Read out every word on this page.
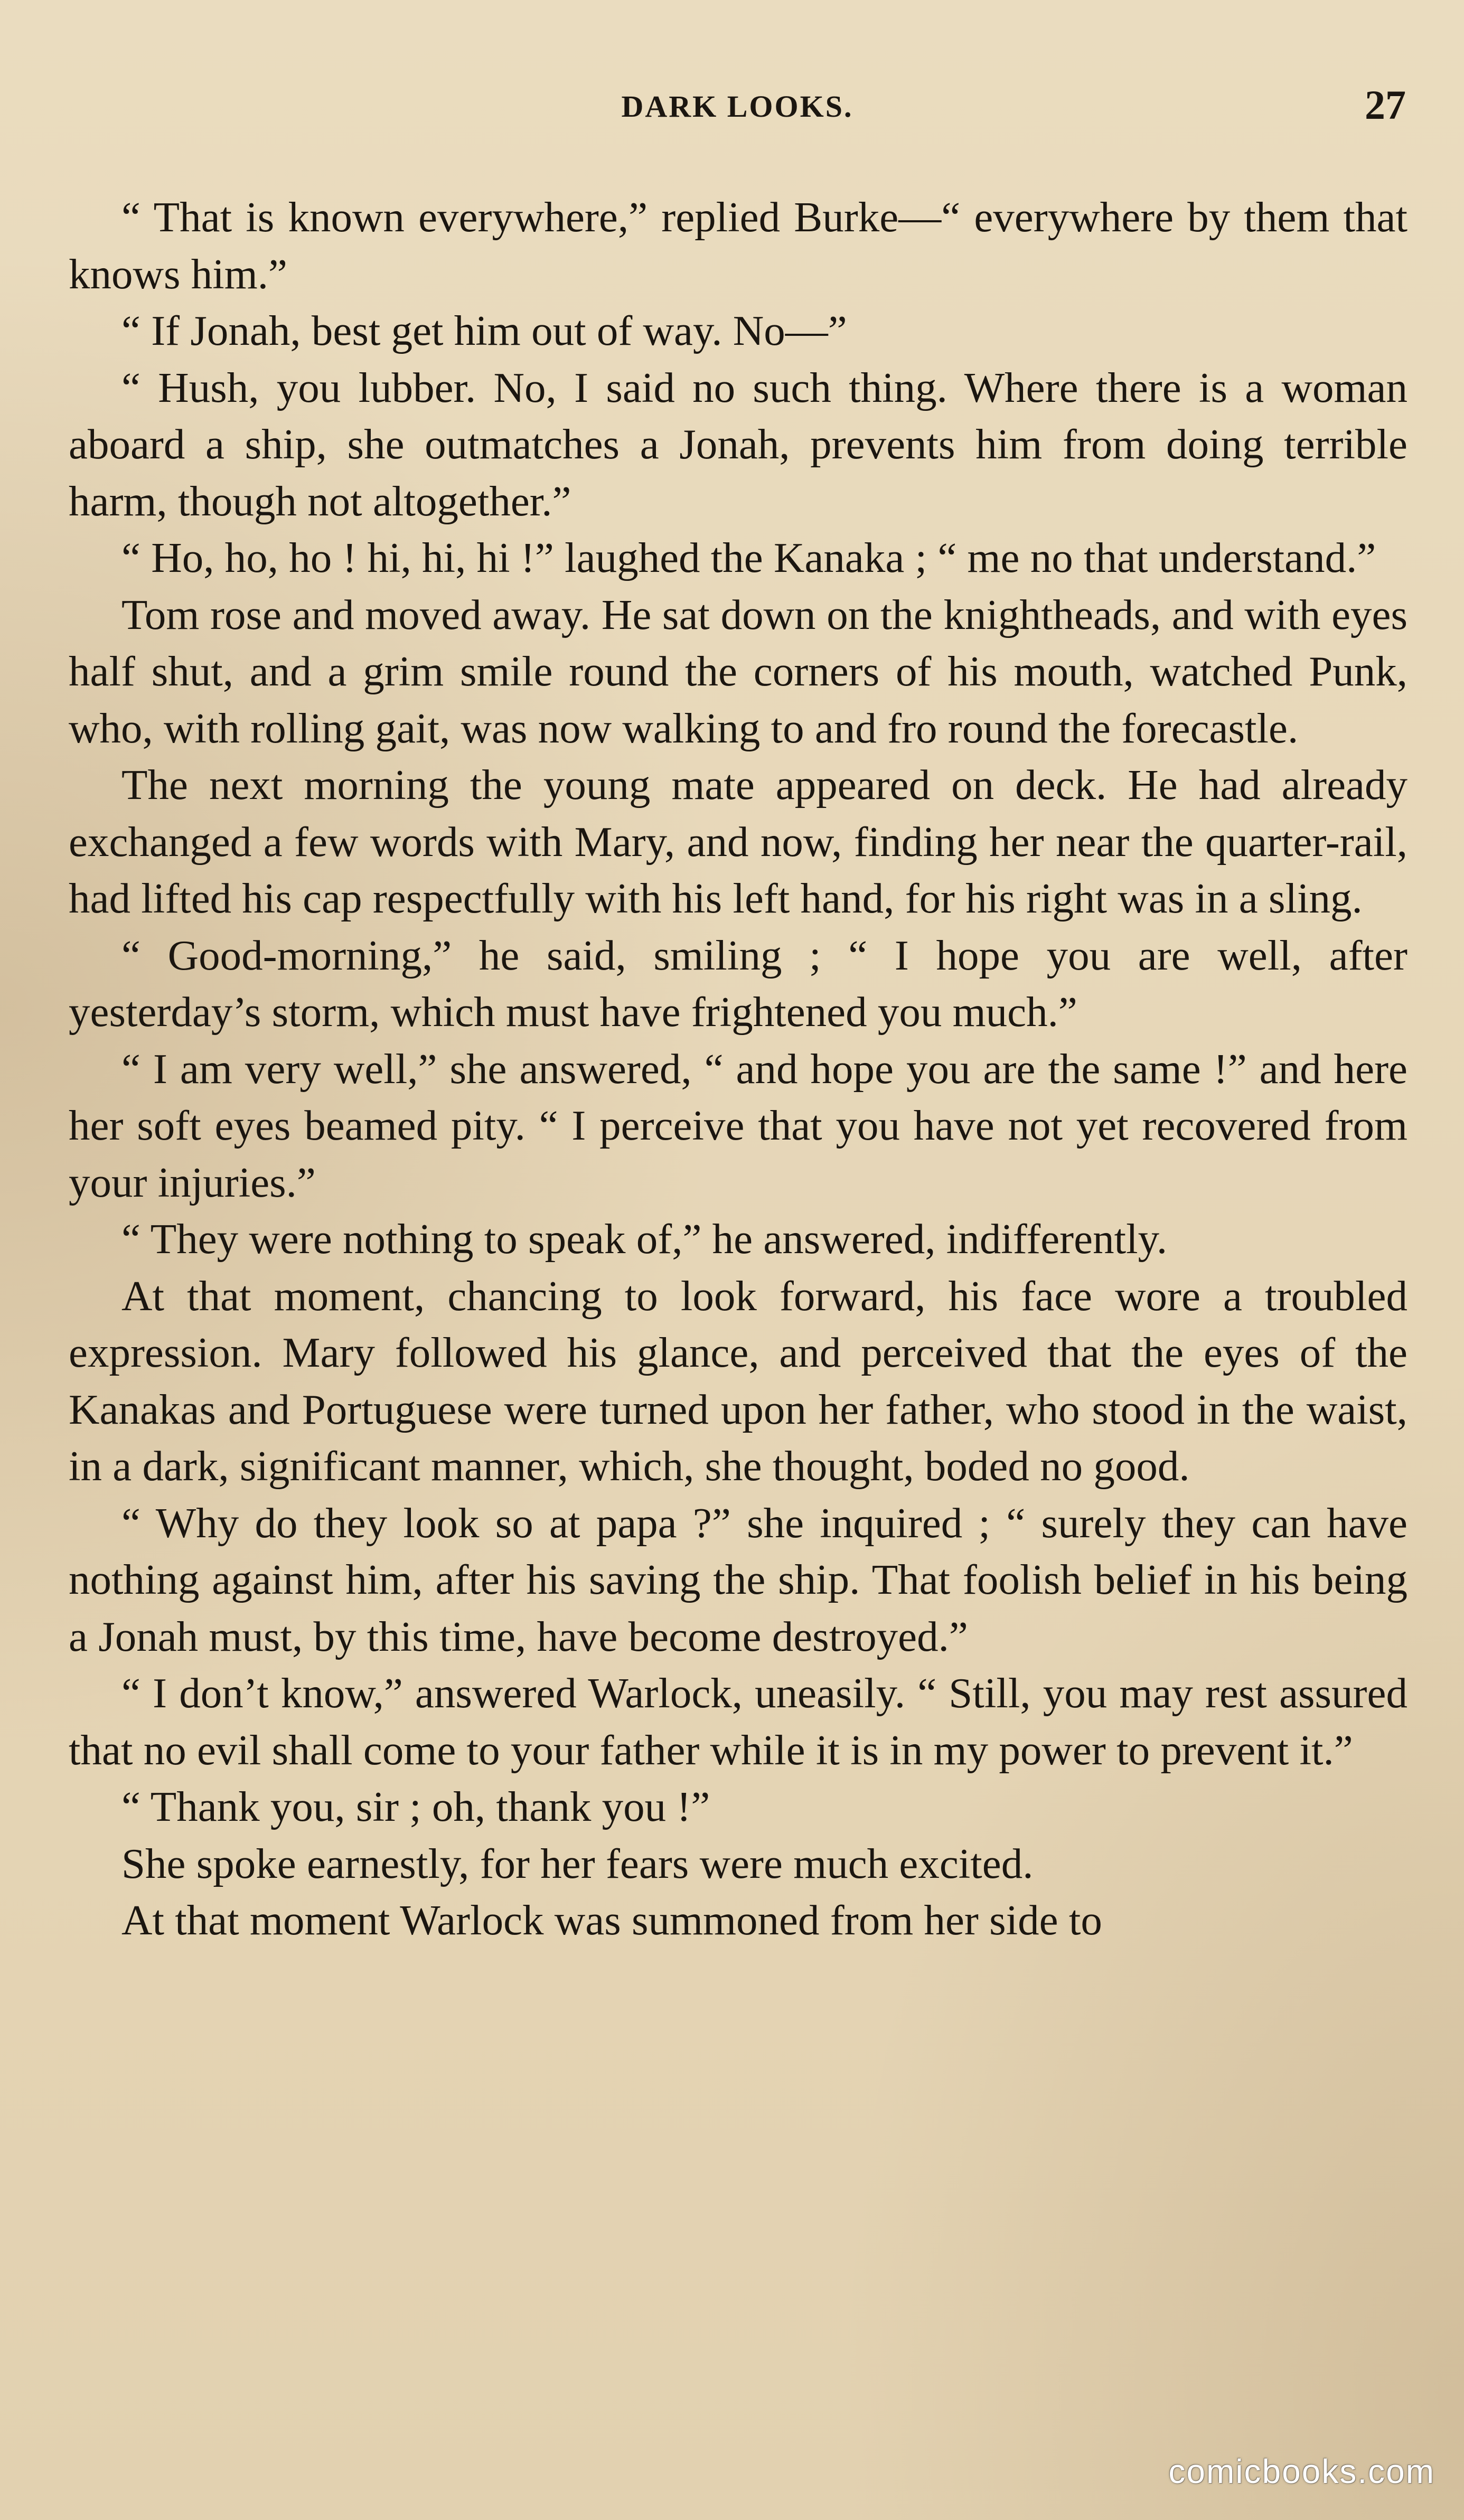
DARK LOOKS.	27

“ That is known everywhere,” replied Burke—“ everywhere by them that knows him.”

“ If Jonah, best get him out of way. No—”

“ Hush, you lubber. No, I said no such thing. Where there is a woman aboard a ship, she outmatches a Jonah, prevents him from doing terrible harm, though not altogether.”

“ Ho, ho, ho ! hi, hi, hi !” laughed the Kanaka ; “ me no that understand.”

Tom rose and moved away. He sat down on the knightheads, and with eyes half shut, and a grim smile round the corners of his mouth, watched Punk, who, with rolling gait, was now walking to and fro round the forecastle.

The next morning the young mate appeared on deck. He had already exchanged a few words with Mary, and now, finding her near the quarter-rail, had lifted his cap respectfully with his left hand, for his right was in a sling.

“ Good-morning,” he said, smiling ; “ I hope you are well, after yesterday’s storm, which must have frightened you much.”

“ I am very well,” she answered, “ and hope you are the same !” and here her soft eyes beamed pity. “ I perceive that you have not yet recovered from your injuries.”

“ They were nothing to speak of,” he answered, indifferently.

At that moment, chancing to look forward, his face wore a troubled expression. Mary followed his glance, and perceived that the eyes of the Kanakas and Portuguese were turned upon her father, who stood in the waist, in a dark, significant manner, which, she thought, boded no good.

“ Why do they look so at papa ?” she inquired ; “ surely they can have nothing against him, after his saving the ship. That foolish belief in his being a Jonah must, by this time, have become destroyed.”

“ I don’t know,” answered Warlock, uneasily. “ Still, you may rest assured that no evil shall come to your father while it is in my power to prevent it.”

“ Thank you, sir ; oh, thank you !”

She spoke earnestly, for her fears were much excited.

At that moment Warlock was summoned from her side to

comicbooks.com
